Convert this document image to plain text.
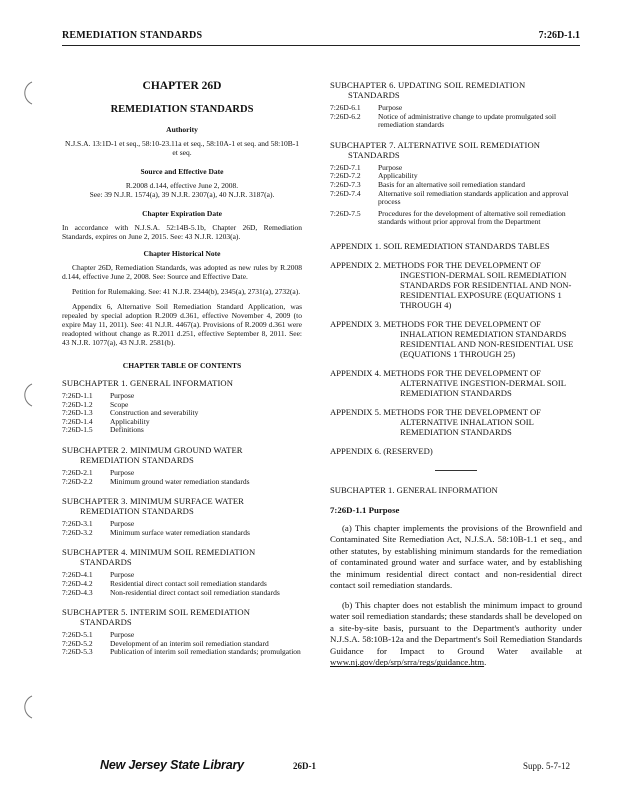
REMEDIATION STANDARDS	7:26D-1.1
CHAPTER 26D
REMEDIATION STANDARDS
Authority
N.J.S.A. 13:1D-1 et seq., 58:10-23.11a et seq., 58:10A-1 et seq. and 58:10B-1 et seq.
Source and Effective Date
R.2008 d.144, effective June 2, 2008.
See: 39 N.J.R. 1574(a), 39 N.J.R. 2307(a), 40 N.J.R. 3187(a).
Chapter Expiration Date
In accordance with N.J.S.A. 52:14B-5.1b, Chapter 26D, Remediation Standards, expires on June 2, 2015. See: 43 N.J.R. 1203(a).
Chapter Historical Note
Chapter 26D, Remediation Standards, was adopted as new rules by R.2008 d.144, effective June 2, 2008. See: Source and Effective Date.
Petition for Rulemaking. See: 41 N.J.R. 2344(b), 2345(a), 2731(a), 2732(a).
Appendix 6, Alternative Soil Remediation Standard Application, was repealed by special adoption R.2009 d.361, effective November 4, 2009 (to expire May 11, 2011). See: 41 N.J.R. 4467(a). Provisions of R.2009 d.361 were readopted without change as R.2011 d.251, effective September 8, 2011. See: 43 N.J.R. 1077(a), 43 N.J.R. 2581(b).
CHAPTER TABLE OF CONTENTS
SUBCHAPTER 1. GENERAL INFORMATION
7:26D-1.1	Purpose
7:26D-1.2	Scope
7:26D-1.3	Construction and severability
7:26D-1.4	Applicability
7:26D-1.5	Definitions
SUBCHAPTER 2. MINIMUM GROUND WATER
REMEDIATION STANDARDS
7:26D-2.1	Purpose
7:26D-2.2	Minimum ground water remediation standards
SUBCHAPTER 3. MINIMUM SURFACE WATER
REMEDIATION STANDARDS
7:26D-3.1	Purpose
7:26D-3.2	Minimum surface water remediation standards
SUBCHAPTER 4. MINIMUM SOIL REMEDIATION
STANDARDS
7:26D-4.1	Purpose
7:26D-4.2	Residential direct contact soil remediation standards
7:26D-4.3	Non-residential direct contact soil remediation standards
SUBCHAPTER 5. INTERIM SOIL REMEDIATION
STANDARDS
7:26D-5.1	Purpose
7:26D-5.2	Development of an interim soil remediation standard
7:26D-5.3	Publication of interim soil remediation standards; promulgation
SUBCHAPTER 6. UPDATING SOIL REMEDIATION
STANDARDS
7:26D-6.1	Purpose
7:26D-6.2	Notice of administrative change to update promulgated soil remediation standards
SUBCHAPTER 7. ALTERNATIVE SOIL REMEDIATION
STANDARDS
7:26D-7.1	Purpose
7:26D-7.2	Applicability
7:26D-7.3	Basis for an alternative soil remediation standard
7:26D-7.4	Alternative soil remediation standards application and approval process
7:26D-7.5	Procedures for the development of alternative soil remediation standards without prior approval from the Department
APPENDIX 1. SOIL REMEDIATION STANDARDS TABLES
APPENDIX 2. METHODS FOR THE DEVELOPMENT OF INGESTION-DERMAL SOIL REMEDIATION STANDARDS FOR RESIDENTIAL AND NON-RESIDENTIAL EXPOSURE (EQUATIONS 1 THROUGH 4)
APPENDIX 3. METHODS FOR THE DEVELOPMENT OF INHALATION REMEDIATION STANDARDS RESIDENTIAL AND NON-RESIDENTIAL USE (EQUATIONS 1 THROUGH 25)
APPENDIX 4. METHODS FOR THE DEVELOPMENT OF ALTERNATIVE INGESTION-DERMAL SOIL REMEDIATION STANDARDS
APPENDIX 5. METHODS FOR THE DEVELOPMENT OF ALTERNATIVE INHALATION SOIL REMEDIATION STANDARDS
APPENDIX 6. (RESERVED)
SUBCHAPTER 1. GENERAL INFORMATION
7:26D-1.1 Purpose
(a) This chapter implements the provisions of the Brownfield and Contaminated Site Remediation Act, N.J.S.A. 58:10B-1.1 et seq., and other statutes, by establishing minimum standards for the remediation of contaminated ground water and surface water, and by establishing the minimum residential direct contact and non-residential direct contact soil remediation standards.
(b) This chapter does not establish the minimum impact to ground water soil remediation standards; these standards shall be developed on a site-by-site basis, pursuant to the Department's authority under N.J.S.A. 58:10B-12a and the Department's Soil Remediation Standards Guidance for Impact to Ground Water available at www.nj.gov/dep/srp/srra/regs/guidance.htm.
New Jersey State Library	26D-1	Supp. 5-7-12
